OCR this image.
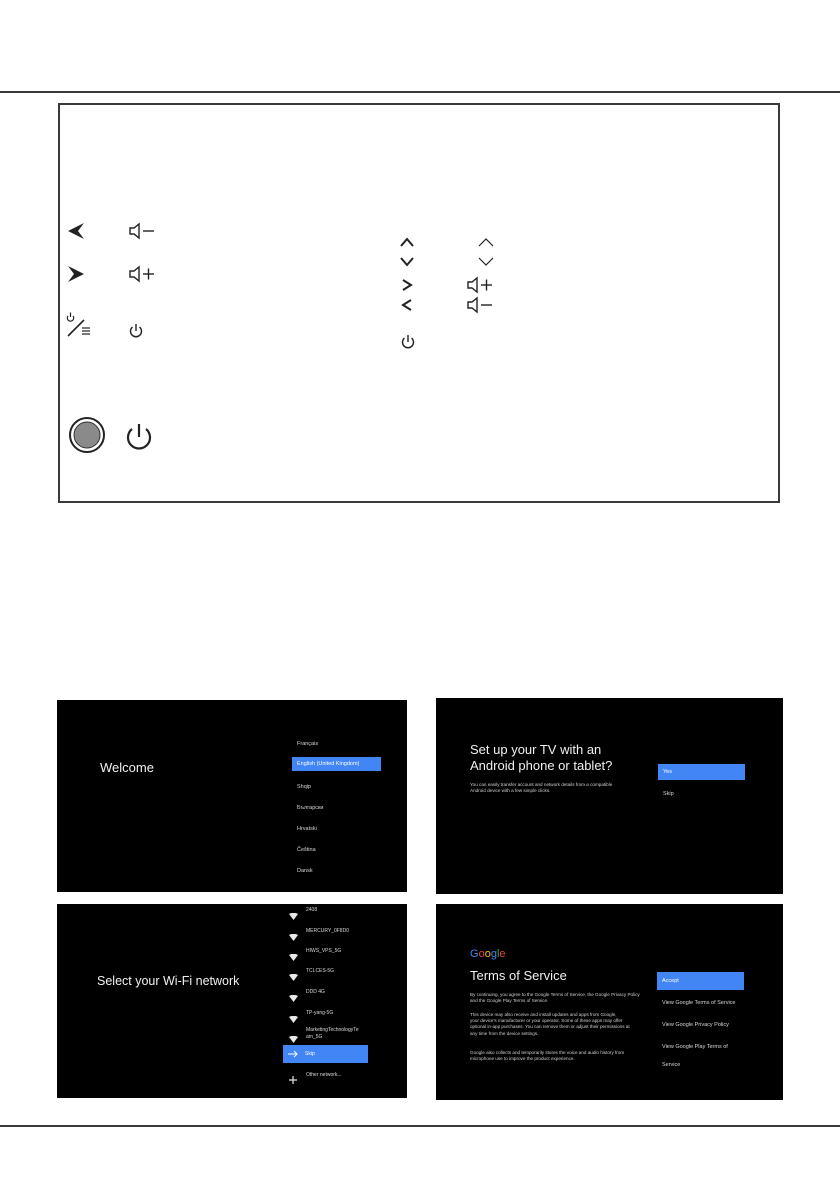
Welcome
Français
English (United Kingdom)
Shqip
Български
Hrvatski
Čeština
Dansk
Set up your TV with an
Android phone or tablet?
You can easily transfer account and network details from a compatible
Android device with a few simple clicks.
Yes
Skip
Select your Wi-Fi network
2408
MERCURY_0F8D0
HIWS_VPS_5G
TCLCES-5G
DDD 4G
TP-yang-5G
MarketingTechnologyTe
am_5G
Skip
Other network...
Google
Terms of Service
By continuing, you agree to the Google Terms of Service, the Google Privacy Policy
and the Google Play Terms of Service.
This device may also receive and install updates and apps from Google,
your device's manufacturer or your operator. Some of these apps may offer
optional in-app purchases. You can remove them or adjust their permissions at
any time from the device settings.
Google also collects and temporarily stores the voice and audio history from
microphone use to improve the product experience.
Accept
View Google Terms of Service
View Google Privacy Policy
View Google Play Terms of Service
